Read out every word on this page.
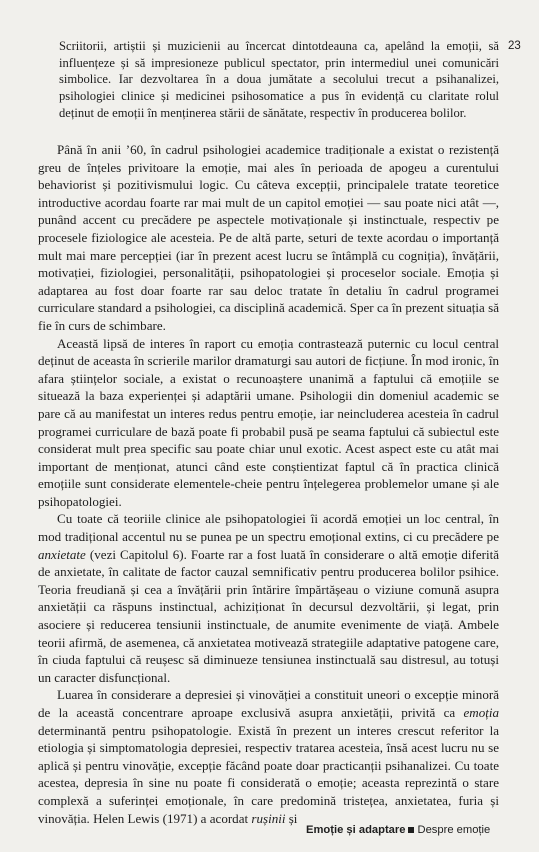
23
Scriitorii, artiștii și muzicienii au încercat dintotdeauna ca, apelând la emoții, să influențeze și să impresioneze publicul spectator, prin intermediul unei comunicări simbolice. Iar dezvoltarea în a doua jumătate a secolului trecut a psihanalizei, psihologiei clinice și medicinei psihosomatice a pus în evidență cu claritate rolul deținut de emoții în menținerea stării de sănătate, respectiv în producerea bolilor.

Până în anii ’60, în cadrul psihologiei academice tradiționale a existat o rezistență greu de înțeles privitoare la emoție, mai ales în perioada de apogeu a curentului behaviorist și pozitivismului logic. Cu câteva excepții, principalele tratate teoretice introductive acordau foarte rar mai mult de un capitol emoției — sau poate nici atât —, punând accent cu precădere pe aspectele motivaționale și instinctuale, respectiv pe procesele fiziologice ale acesteia. Pe de altă parte, seturi de texte acordau o importanță mult mai mare percepției (iar în prezent acest lucru se întâmplă cu cogniția), învățării, motivației, fiziologiei, personalității, psihopatologiei și proceselor sociale. Emoția și adaptarea au fost doar foarte rar sau deloc tratate în detaliu în cadrul programei curriculare standard a psihologiei, ca disciplină academică. Sper ca în prezent situația să fie în curs de schimbare.

Această lipsă de interes în raport cu emoția contrastează puternic cu locul central deținut de aceasta în scrierile marilor dramaturgi sau autori de ficțiune. În mod ironic, în afara științelor sociale, a existat o recunoaștere unanimă a faptului că emoțiile se situează la baza experienței și adaptării umane. Psihologii din domeniul academic se pare că au manifestat un interes redus pentru emoție, iar neincluderea acesteia în cadrul programei curriculare de bază poate fi probabil pusă pe seama faptului că subiectul este considerat mult prea specific sau poate chiar unul exotic. Acest aspect este cu atât mai important de menționat, atunci când este conștientizat faptul că în practica clinică emoțiile sunt considerate elementele-cheie pentru înțelegerea problemelor umane și ale psihopatologiei.

Cu toate că teoriile clinice ale psihopatologiei îi acordă emoției un loc central, în mod tradițional accentul nu se punea pe un spectru emoțional extins, ci cu precădere pe anxietate (vezi Capitolul 6). Foarte rar a fost luată în considerare o altă emoție diferită de anxietate, în calitate de factor cauzal semnificativ pentru producerea bolilor psihice. Teoria freudiană și cea a învățării prin întărire împărtășeau o viziune comună asupra anxietății ca răspuns instinctual, achiziționat în decursul dezvoltării, și legat, prin asociere și reducerea tensiunii instinctuale, de anumite evenimente de viață. Ambele teorii afirmă, de asemenea, că anxietatea motivează strategiile adaptative patogene care, în ciuda faptului că reușesc să diminueze tensiunea instinctuală sau distresul, au totuși un caracter disfuncțional.

Luarea în considerare a depresiei și vinovăției a constituit uneori o excepție minoră de la această concentrare aproape exclusivă asupra anxietății, privită ca emoția determinantă pentru psihopatologie. Există în prezent un interes crescut referitor la etiologia și simptomatologia depresiei, respectiv tratarea acesteia, însă acest lucru nu se aplică și pentru vinovăție, excepție făcând poate doar practicanții psihanalizei. Cu toate acestea, depresia în sine nu poate fi considerată o emoție; aceasta reprezintă o stare complexă a suferinței emoționale, în care predomină tristețea, anxietatea, furia și vinovăția. Helen Lewis (1971) a acordat rușinii și

Emoție și adaptare Despre emoție
